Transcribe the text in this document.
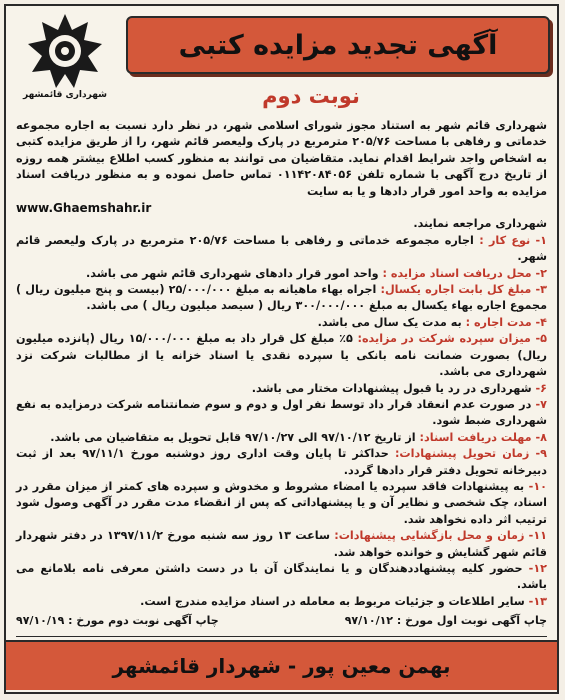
شهرداری قائمشهر
آگهی تجدید مزایده کتبی
نوبت دوم

شهرداری قائم شهر به استناد مجوز شورای اسلامی شهر، در نظر دارد نسبت به اجاره مجموعه خدماتی و رفاهی با مساحت ۲۰۵/۷۶ مترمربع در پارک ولیعصر قائم شهر، را از طریق مزایده کتبی به اشخاص واجد شرایط اقدام نماید. متقاضیان می توانند به منظور کسب اطلاع بیشتر همه روزه از تاریخ درج آگهی با شماره تلفن ۰۱۱۴۲۰۸۴۰۵۶ تماس حاصل نموده و به منظور دریافت اسناد مزایده به واحد امور قرار دادها و یا به سایت
www.Ghaemshahr.ir
شهرداری مراجعه نمایند.

۱- نوع کار : اجاره مجموعه خدماتی و رفاهی با مساحت ۲۰۵/۷۶ مترمربع در پارک ولیعصر قائم شهر.

۲- محل دریافت اسناد مزایده : واحد امور قرار دادهای شهرداری قائم شهر می باشد.

۳- مبلغ کل بابت اجاره یکسال: اجراه بهاء ماهیانه به مبلغ ۲۵/۰۰۰/۰۰۰ (بیست و پنج میلیون ریال ) مجموع اجاره بهاء یکسال به مبلغ ۳۰۰/۰۰۰/۰۰۰ ریال ( سیصد میلیون ریال ) می باشد.

۴- مدت اجاره : به مدت یک سال می باشد.

۵- میزان سپرده شرکت در مزایده: ۵٪ مبلغ کل قرار داد به مبلغ ۱۵/۰۰۰/۰۰۰ ریال (پانزده میلیون ریال) بصورت ضمانت نامه بانکی یا سپرده نقدی یا اسناد خزانه یا از مطالبات شرکت نزد شهرداری می باشد.

۶- شهرداری در رد یا قبول پیشنهادات مختار می باشد.

۷- در صورت عدم انعقاد قرار داد توسط نفر اول و دوم و سوم ضمانتنامه شرکت درمزایده به نفع شهرداری ضبط شود.

۸- مهلت دریافت اسناد: از تاریخ ۹۷/۱۰/۱۲ الی ۹۷/۱۰/۲۷ قابل تحویل به متقاضیان می باشد.

۹- زمان تحویل پیشنهادات: حداکثر تا پایان وقت اداری روز دوشنبه مورخ ۹۷/۱۱/۱ بعد از ثبت دبیرخانه تحویل دفتر قرار دادها گردد.

۱۰- به پیشنهادات فاقد سپرده یا امضاء مشروط و مخدوش و سپرده های کمتر از میزان مقرر در اسناد، چک شخصی و نظایر آن و یا پیشنهاداتی که پس از انقضاء مدت مقرر در آگهی وصول شود ترتیب اثر داده نخواهد شد.

۱۱- زمان و محل بازگشایی پیشنهادات: ساعت ۱۳ روز سه شنبه مورخ ۱۳۹۷/۱۱/۲ در دفتر شهردار قائم شهر گشایش و خوانده خواهد شد.

۱۲- حضور کلیه پیشنهاددهندگان و یا نمایندگان آن با در دست داشتن معرفی نامه بلامانع می باشد.

۱۳- سایر اطلاعات و جزئیات مربوط به معامله در اسناد مزایده مندرج است.

چاپ آگهی نوبت اول مورخ : ۹۷/۱۰/۱۲
چاپ آگهی نوبت دوم مورخ : ۹۷/۱۰/۱۹
بهمن معین پور - شهردار قائمشهر
